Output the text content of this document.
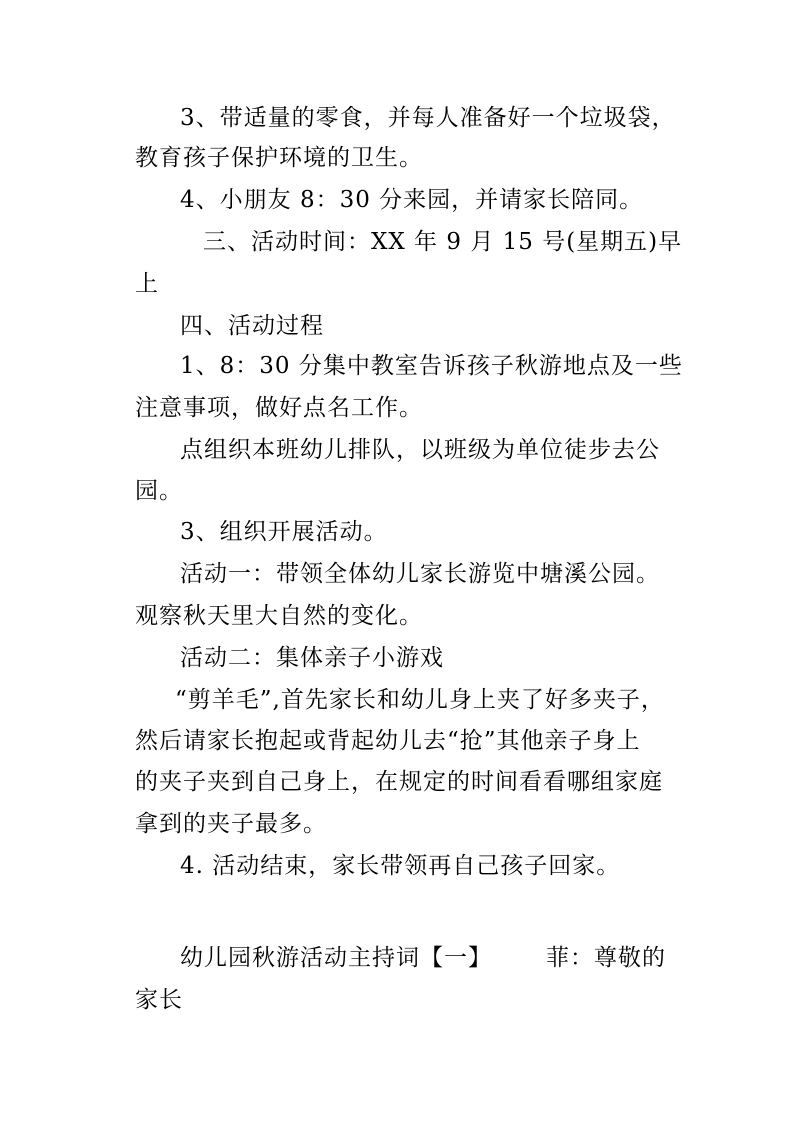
3、带适量的零食，并每人准备好一个垃圾袋，
教育孩子保护环境的卫生。
4、小朋友 8：30 分来园，并请家长陪同。
三、活动时间：XX 年 9 月 15 号(星期五)早
上
四、活动过程
1、8：30 分集中教室告诉孩子秋游地点及一些
注意事项，做好点名工作。
点组织本班幼儿排队，以班级为单位徒步去公
园。
3、组织开展活动。
活动一：带领全体幼儿家长游览中塘溪公园。
观察秋天里大自然的变化。
活动二：集体亲子小游戏
“剪羊毛”,首先家长和幼儿身上夹了好多夹子，
然后请家长抱起或背起幼儿去“抢”其他亲子身上
的夹子夹到自己身上，在规定的时间看看哪组家庭
拿到的夹子最多。
4. 活动结束，家长带领再自己孩子回家。
幼儿园秋游活动主持词【一】 菲：尊敬的
家长
